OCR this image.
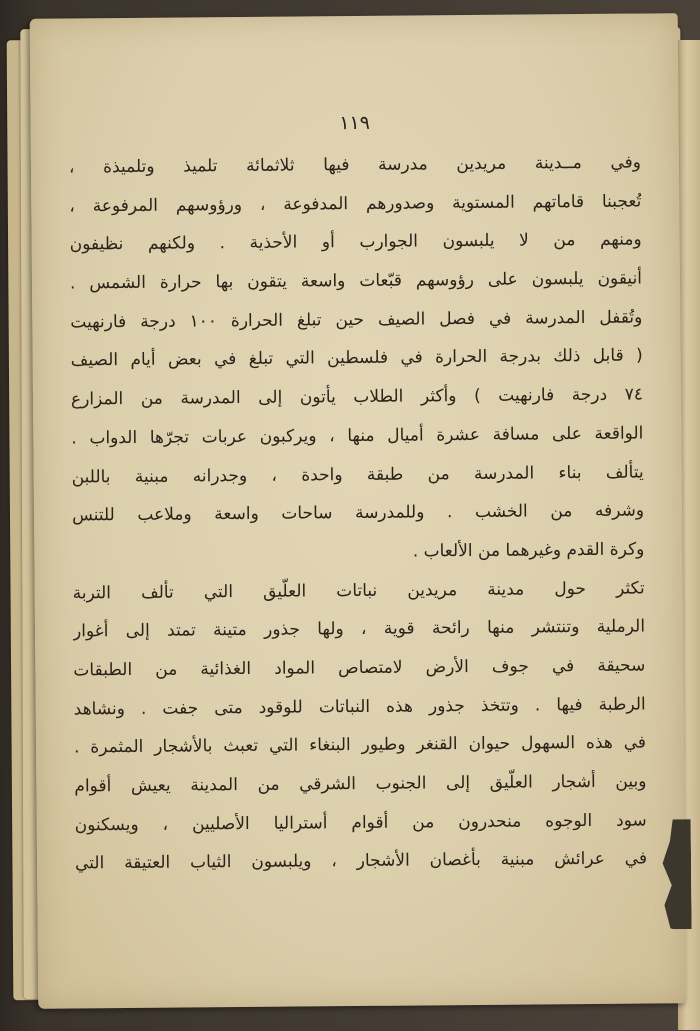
١١٩
وفي مــدينة مريدين مدرسة فيها ثلاثمائة تلميذ وتلميذة ،
تُعجبنا قاماتهم المستوية وصدورهم المدفوعة ، ورؤوسهم المرفوعة ،
ومنهم من لا يلبسون الجوارب أو الأحذية . ولكنهم نظيفون
أنيقون يلبسون على رؤوسهم قبّعات واسعة يتقون بها حرارة الشمس .
وتُقفل المدرسة في فصل الصيف حين تبلغ الحرارة ١٠٠ درجة فارنهيت
( قابل ذلك بدرجة الحرارة في فلسطين التي تبلغ في بعض أيام الصيف
٧٤ درجة فارنهيت ) وأكثر الطلاب يأتون إلى المدرسة من المزارع
الواقعة على مسافة عشرة أميال منها ، ويركبون عربات تجرّها الدواب .
يتألف بناء المدرسة من طبقة واحدة ، وجدرانه مبنية باللبن
وشرفه من الخشب . وللمدرسة ساحات واسعة وملاعب للتنس
وكرة القدم وغيرهما من الألعاب .
تكثر حول مدينة مريدين نباتات العلّيق التي تألف التربة
الرملية وتنتشر منها رائحة قوية ، ولها جذور متينة تمتد إلى أغوار
سحيقة في جوف الأرض لامتصاص المواد الغذائية من الطبقات
الرطبة فيها . وتتخذ جذور هذه النباتات للوقود متى جفت . ونشاهد
في هذه السهول حيوان القنغر وطيور البنغاء التي تعبث بالأشجار المثمرة .
وبين أشجار العلّيق إلى الجنوب الشرقي من المدينة يعيش أقوام
سود الوجوه منحدرون من أقوام أستراليا الأصليين ، ويسكنون
في عرائش مبنية بأغصان الأشجار ، ويلبسون الثياب العتيقة التي
